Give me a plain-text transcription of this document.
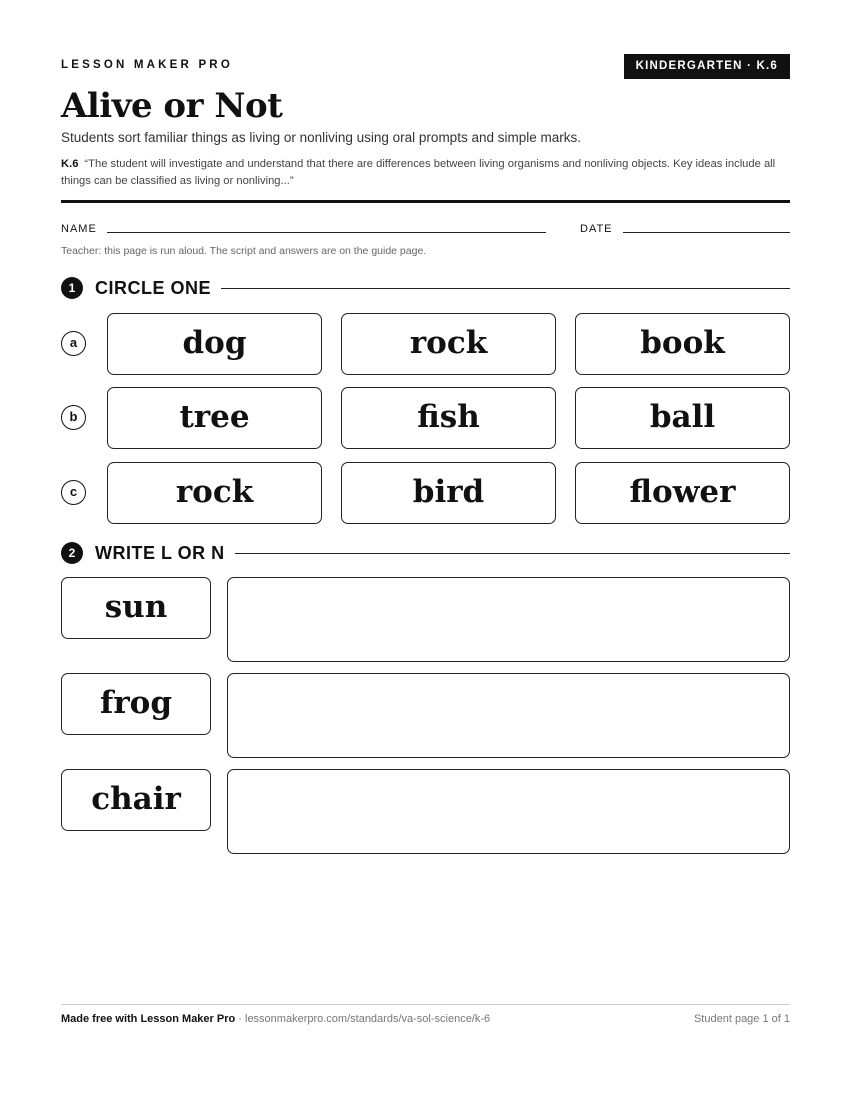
LESSON MAKER PRO	KINDERGARTEN · K.6
Alive or Not
Students sort familiar things as living or nonliving using oral prompts and simple marks.
K.6 “The student will investigate and understand that there are differences between living organisms and nonliving objects. Key ideas include all things can be classified as living or nonliving...”
NAME	DATE
Teacher: this page is run aloud. The script and answers are on the guide page.
1	CIRCLE ONE
a	dog	rock	book
b	tree	fish	ball
c	rock	bird	flower
2	WRITE L OR N
sun
frog
chair
Made free with Lesson Maker Pro · lessonmakerpro.com/standards/va-sol-science/k-6	Student page 1 of 1
